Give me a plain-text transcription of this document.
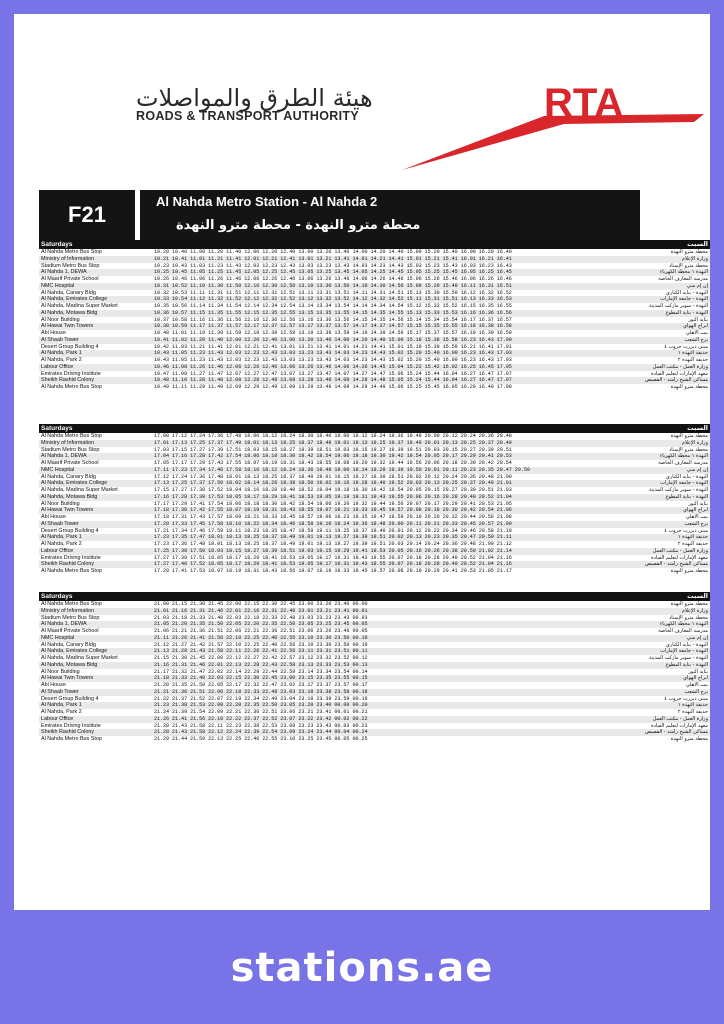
هيئة الطرق والمواصلات
ROADS & TRANSPORT AUTHORITY	RTA
F21
Al Nahda Metro Station - Al Nahda 2
محطة مترو النهدة - محطة مترو النهدة
Saturdays	السبت
Al Nahda Metro Bus Stop	10.20 10.40 11.00 11.20 11.40 12.00 12.20 12.40 13.00 13.20 13.40 14.00 14.20 14.40 15.00 15.20 15.40 16.00 16.20 16.40	محطة مترو النهدة
Ministry of Information	10.21 10.41 11.01 11.21 11.41 12.01 12.21 12.41 13.01 13.21 13.41 14.01 14.21 14.41 15.01 15.21 15.41 16.01 16.21 16.41	وزارة الإعلام
Stadium Metro Bus Stop	10.23 10.43 11.03 11.23 11.43 12.03 12.23 12.43 13.03 13.23 13.43 14.03 14.23 14.43 15.03 15.23 15.43 16.03 16.23 16.43	محطة مترو الإستاد
Al Nahda 1, DEWA	10.25 10.45 11.05 11.25 11.45 12.05 12.25 12.45 13.05 13.25 13.45 14.05 14.25 14.45 15.05 15.25 15.45 16.05 16.25 16.45	النهدة ١ محطة الكهرباء
Al Maarif Private School	10.26 10.46 11.06 11.26 11.46 12.06 12.26 12.46 13.06 13.26 13.46 14.06 14.26 14.46 15.06 15.26 15.46 16.06 16.26 16.46	مدرسة المعارف الخاصة
NMC Hospital	10.31 10.52 11.10 11.30 11.50 12.10 12.30 12.50 13.10 13.30 13.50 14.10 14.30 14.50 15.09 15.29 15.49 16.11 16.31 16.51	إن إم سي
Al Nahda, Canary Bldg	10.32 10.53 11.11 11.31 11.51 12.11 12.31 12.51 13.11 13.31 13.51 14.11 14.31 14.51 15.13 15.30 15.50 16.12 16.32 16.52	النهدة - بناية الكناري
Al Nahda, Emirates College	10.33 10.54 11.12 11.32 11.52 12.12 12.32 12.52 13.12 13.32 13.52 14.12 14.32 14.52 15.11 15.31 15.51 16.13 16.33 16.53	النهدة - جامعة الإمارات
Al Nahda, Madina Super Market	10.35 10.56 11.14 11.34 11.54 12.14 12.34 12.54 13.14 13.34 13.54 14.14 14.34 14.54 15.12 15.32 15.52 16.15 16.35 16.55	النهدة - سوبر ماركت المدينة
Al Nahda, Motawa Bldg	10.36 10.57 11.15 11.35 11.55 12.15 12.35 12.55 13.15 13.35 13.55 14.15 14.35 14.55 15.13 15.33 15.53 16.16 16.36 16.56	النهدة - بناية المطوع
Al Noor Building	10.37 10.58 11.16 11.36 11.56 12.16 12.36 12.56 13.16 13.36 13.56 14.15 14.35 14.56 15.14 15.34 15.54 16.17 16.37 16.57	بناية النور
Al Hawai Twin Towers	10.38 10.59 11.17 11.37 11.57 12.17 12.37 12.57 13.17 13.37 13.57 14.17 14.37 14.57 15.15 15.35 15.55 16.18 16.38 16.58	أبراج الهواي
Abi House	10.40 11.01 11.19 11.39 11.59 12.19 12.39 12.59 13.19 13.39 13.59 14.19 14.39 14.59 15.17 15.37 15.57 16.19 16.39 16.59	بيت الأهلي
Al Shaab Tower	10.41 11.02 11.20 11.40 12.00 12.20 12.40 13.00 13.20 13.40 14.00 14.20 14.40 15.00 15.18 15.38 15.58 16.23 16.43 17.00	برج الشعب
Desert Group Building 4	10.42 11.03 11.21 11.41 12.01 12.21 12.41 13.01 13.21 13.41 14.01 14.21 14.41 15.01 15.19 15.39 15.59 16.21 16.41 17.01	مبنى ديزرت جروب ٤
Al Nahda, Park 1	10.43 11.05 11.23 11.43 12.03 12.23 12.43 13.03 13.23 13.43 14.03 14.23 14.43 15.02 15.20 15.40 16.00 16.23 16.43 17.03	حديقة النهدة ١
Al Nahda, Park 2	10.43 11.05 11.23 11.43 12.03 12.23 12.43 13.03 13.23 13.43 14.03 14.23 14.43 15.02 15.20 15.40 16.00 16.23 16.43 17.03	حديقة النهدة ٢
Labour Office	10.46 11.08 11.26 11.46 12.06 12.26 12.46 13.06 13.26 13.46 14.06 14.26 14.45 15.04 15.22 15.42 16.02 16.25 16.45 17.05	وزارة العمل - مكتب العمل
Emirates Driving Institute	10.47 11.09 11.27 11.47 12.07 12.27 12.47 13.07 13.27 13.47 14.07 14.27 14.47 15.06 15.24 15.44 16.04 16.27 16.47 17.07	معهد الإمارات لتعليم القيادة
Sheikh Rashid Colony	10.48 11.10 11.28 11.48 12.08 12.28 12.48 13.08 13.28 13.48 14.08 14.28 14.48 15.05 15.24 15.44 16.04 16.27 16.47 17.07	مساكن الشيخ راشد - القصيص
Al Nahda Metro Bus Stop	10.49 11.11 11.29 11.49 12.09 12.29 12.49 13.09 13.29 13.49 14.09 14.29 14.49 15.06 15.25 15.45 16.05 16.29 16.49 17.09	محطة مترو النهدة
Saturdays	السبت
Al Nahda Metro Bus Stop	17.00 17.12 17.24 17.36 17.48 18.00 18.12 18.24 18.30 18.40 19.00 19.12 19.24 19.36 19.48 20.00 20.12 20.24 20.36 20.48	محطة مترو النهدة
Ministry of Information	17.01 17.13 17.25 17.37 17.49 18.01 18.13 18.25 18.37 18.49 19.01 19.13 19.25 19.37 19.49 20.01 20.13 20.25 20.37 20.49	وزارة الإعلام
Stadium Metro Bus Stop	17.03 17.15 17.27 17.39 17.51 18.03 18.15 18.27 18.39 18.51 19.03 19.15 19.27 19.39 19.51 20.03 20.15 20.27 20.39 20.51	محطة مترو الإستاد
Al Nahda 1, DEWA	17.04 17.16 17.28 17.42 17.54 18.06 18.18 18.30 18.42 18.54 19.06 19.18 19.30 19.42 19.54 20.05 20.17 20.29 20.41 20.53	النهدة ١ محطة الكهرباء
Al Maarif Private School	17.05 17.17 17.29 17.43 17.55 18.07 18.19 18.31 18.43 18.55 19.08 19.20 19.32 19.44 19.56 20.06 20.18 20.30 20.42 20.54	مدرسة المعارف الخاصة
NMC Hospital	17.11 17.23 17.34 17.46 17.58 18.10 18.12 18.24 18.36 18.48 19.00 19.14 19.29 19.39 19.50 20.01 20.11 20.23 20.35 20.47 20.59	إن إم سي
Al Nahda, Canary Bldg	17.12 17.24 17.36 17.48 18.01 18.13 18.25 18.37 18.49 19.01 19.15 19.27 19.39 19.51 20.02 20.12 20.24 20.36 20.48 21.00	النهدة - بناية الكناري
Al Nahda, Emirates College	17.13 17.25 17.37 17.50 18.02 18.14 18.26 18.38 18.50 19.02 19.16 19.28 19.40 19.52 20.03 20.13 20.25 20.37 20.49 21.01	النهدة - جامعة الإمارات
Al Nahda, Madina Super Market	17.15 17.27 17.38 17.52 18.04 18.16 18.28 18.40 18.52 19.04 19.18 19.30 19.42 19.54 20.05 20.15 20.27 20.39 20.51 21.03	النهدة - سوبر ماركت المدينة
Al Nahda, Motawa Bldg	17.16 17.28 17.39 17.53 18.05 18.17 18.29 18.41 18.53 19.05 19.19 19.31 19.43 19.55 20.06 20.16 20.28 20.40 20.52 21.04	النهدة - بناية المطوع
Al Noor Building	17.17 17.29 17.41 17.54 18.06 18.18 18.30 18.42 18.54 19.06 19.20 19.32 19.44 19.56 20.07 20.17 20.29 20.41 20.53 21.05	بناية النور
Al Hawai Twin Towers	17.18 17.30 17.42 17.55 18.07 18.19 18.31 18.43 18.55 19.07 19.21 19.33 19.45 19.57 20.08 20.18 20.30 20.42 20.54 21.06	أبراج الهواي
Abi House	17.19 17.31 17.43 17.57 18.09 18.21 18.33 18.45 18.57 19.09 19.23 19.35 19.47 19.59 20.10 20.20 20.32 20.44 20.56 21.08	بيت الأهلي
Al Shaab Tower	17.20 17.33 17.45 17.58 18.10 18.22 18.34 18.46 18.58 19.10 19.24 19.36 19.48 20.00 20.11 20.21 20.33 20.45 20.57 21.09	برج الشعب
Desert Group Building 4	17.21 17.34 17.46 17.59 18.11 18.23 18.35 18.47 18.59 19.11 19.25 19.37 19.49 20.01 20.12 20.22 20.34 20.46 20.58 21.10	مبنى ديزرت جروب ٤
Al Nahda, Park 1	17.23 17.35 17.47 18.01 18.13 18.25 18.37 18.49 19.01 19.13 19.27 19.39 19.51 20.02 20.13 20.23 20.35 20.47 20.59 21.11	حديقة النهدة ١
Al Nahda, Park 2	17.23 17.36 17.48 18.01 18.13 18.25 18.37 18.49 19.01 19.13 19.27 19.39 19.51 20.03 20.14 20.24 20.36 20.48 21.00 21.12	حديقة النهدة ٢
Labour Office	17.25 17.38 17.50 18.03 18.15 18.27 18.39 18.51 19.03 19.15 19.29 19.41 19.53 20.05 20.16 20.26 20.38 20.50 21.02 21.14	وزارة العمل - مكتب العمل
Emirates Driving Institute	17.27 17.39 17.51 18.05 18.17 18.29 18.41 18.53 19.05 19.17 19.31 19.43 19.55 20.07 20.18 20.28 20.40 20.52 21.04 21.16	معهد الإمارات لتعليم القيادة
Sheikh Rashid Colony	17.27 17.40 17.52 18.05 18.17 18.29 18.41 18.53 19.05 19.17 19.31 19.43 19.55 20.07 20.18 20.28 20.40 20.52 21.04 21.16	مساكن الشيخ راشد - القصيص
Al Nahda Metro Bus Stop	17.29 17.41 17.53 18.07 18.19 18.31 18.43 18.56 19.07 19.19 19.33 19.45 19.57 20.08 20.19 20.29 20.41 20.53 21.05 21.17	محطة مترو النهدة
Saturdays	السبت
Al Nahda Metro Bus Stop	21.00 21.15 21.30 21.45 22.00 22.15 22.30 22.45 23.00 23.20 23.40 00.00	محطة مترو النهدة
Ministry of Information	21.01 21.16 21.31 21.46 22.01 22.16 22.31 22.46 23.01 23.21 23.41 00.01	وزارة الإعلام
Stadium Metro Bus Stop	21.03 21.18 21.33 21.48 22.03 22.18 22.33 22.48 23.03 23.23 23.43 00.03	محطة مترو الإستاد
Al Nahda 1, DEWA	21.05 21.20 21.35 21.50 22.05 22.20 22.35 22.50 23.05 23.25 23.45 00.05	النهدة ١ محطة الكهرباء
Al Maarif Private School	21.06 21.21 21.36 21.51 22.06 22.21 22.36 22.51 23.06 23.26 23.46 00.05	مدرسة المعارف الخاصة
NMC Hospital	21.11 21.26 21.41 21.56 22.10 22.25 22.40 22.55 23.10 23.30 23.50 00.10	إن إم سي
Al Nahda, Canary Bldg	21.12 21.27 21.42 21.57 22.10 22.25 22.40 22.56 23.10 23.30 23.50 00.10	النهدة - بناية الكناري
Al Nahda, Emirates College	21.13 21.28 21.43 21.58 22.11 22.26 22.41 22.56 23.11 23.31 23.51 00.11	النهدة - جامعة الإمارات
Al Nahda, Madina Super Market	21.15 21.30 21.45 22.00 22.12 22.27 22.42 22.57 23.12 23.32 23.52 00.12	النهدة - سوبر ماركت المدينة
Al Nahda, Motawa Bldg	21.16 21.31 21.46 22.01 22.13 22.28 22.43 22.58 23.13 23.33 23.53 00.13	النهدة - بناية المطوع
Al Noor Building	21.17 21.32 21.47 22.02 22.14 22.29 22.44 22.59 23.14 23.34 23.54 00.14	بناية النور
Al Hawai Twin Towers	21.18 21.33 21.48 22.03 22.15 22.30 22.45 23.00 23.15 23.35 23.55 00.15	أبراج الهواي
Abi House	21.20 21.35 21.50 22.05 22.17 22.32 22.47 23.02 23.17 23.37 23.57 00.17	بيت الأهلي
Al Shaab Tower	21.21 21.36 21.51 22.06 22.18 22.33 22.48 23.03 23.18 23.38 23.58 00.18	برج الشعب
Desert Group Building 4	21.22 21.37 21.52 22.07 22.19 22.34 22.49 23.04 23.19 23.39 23.59 00.19	مبنى ديزرت جروب ٤
Al Nahda, Park 1	21.23 21.38 21.53 22.08 22.20 22.35 22.50 23.05 23.20 23.40 00.00 00.20	حديقة النهدة ١
Al Nahda, Park 2	21.24 21.39 21.54 22.09 22.21 22.36 22.51 23.06 23.21 23.41 00.01 00.21	حديقة النهدة ٢
Labour Office	21.26 21.41 21.56 22.10 22.22 22.37 22.52 23.07 23.22 23.42 00.02 00.22	وزارة العمل - مكتب العمل
Emirates Driving Institute	21.28 21.43 21.58 22.11 22.23 22.38 22.53 23.08 23.23 23.43 00.03 00.23	معهد الإمارات لتعليم القيادة
Sheikh Rashid Colony	21.28 21.43 21.58 22.12 22.24 22.39 22.54 23.09 23.24 23.44 00.04 00.24	مساكن الشيخ راشد - القصيص
Al Nahda Metro Bus Stop	21.29 21.44 21.59 22.13 22.25 22.40 22.55 23.10 23.25 23.45 00.05 00.25	محطة مترو النهدة
stations.ae
